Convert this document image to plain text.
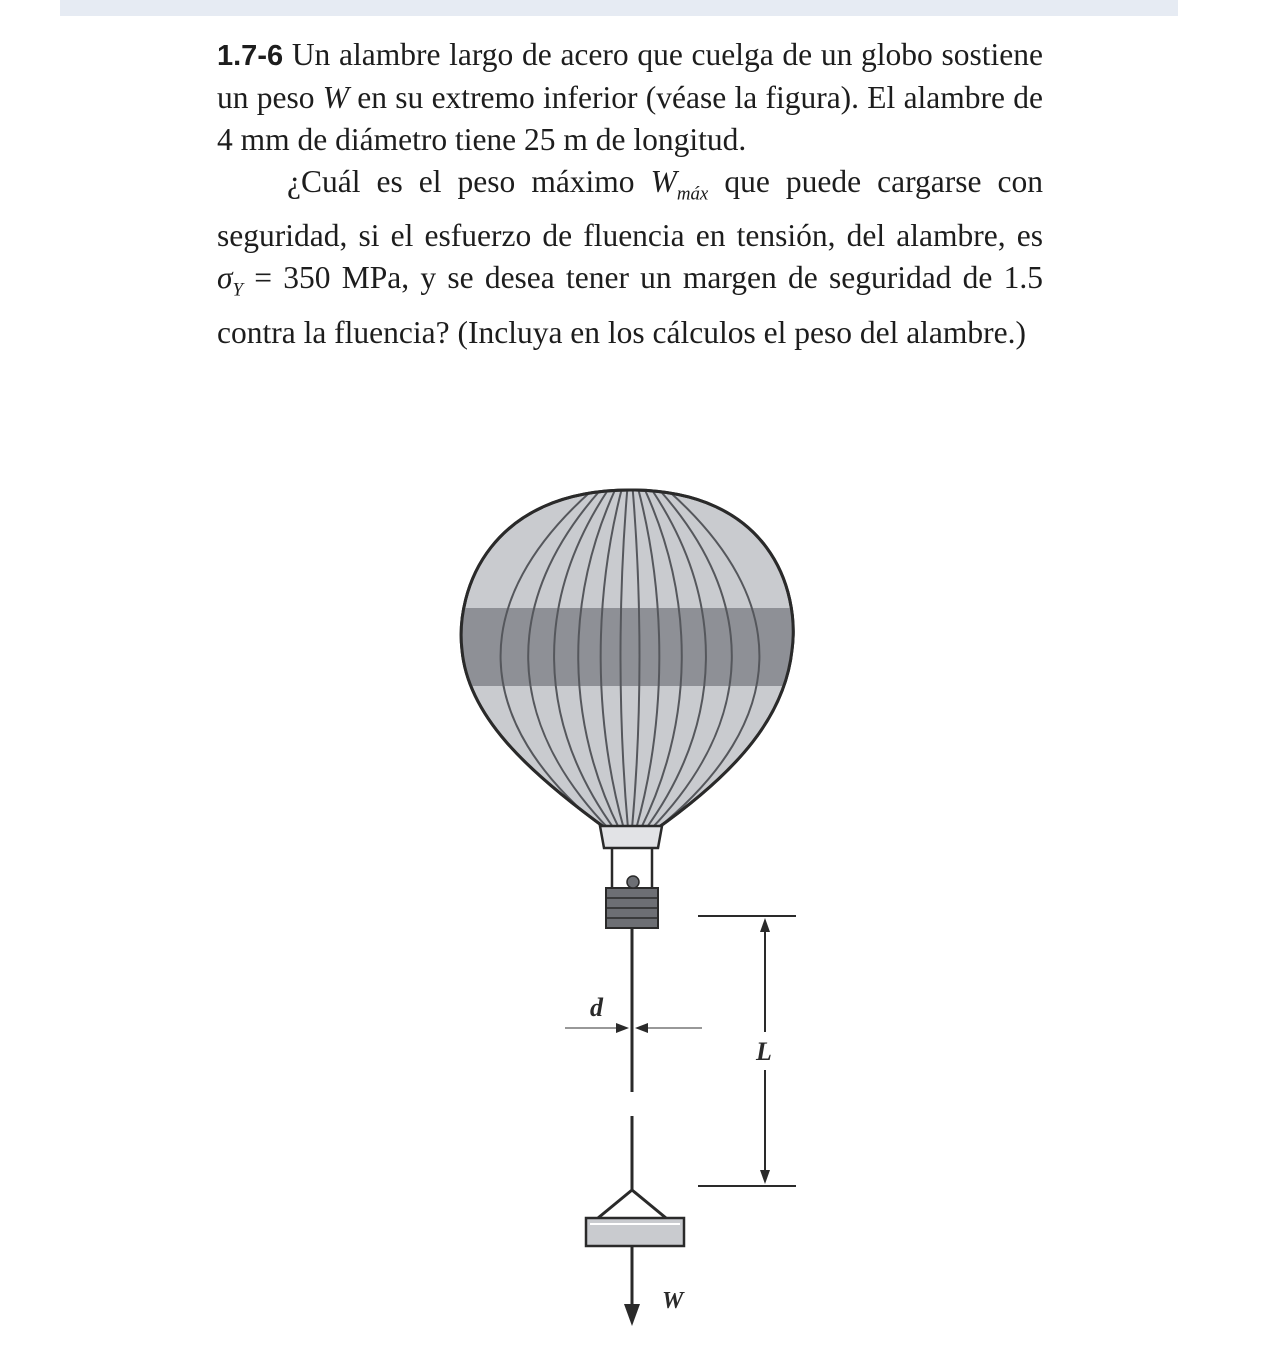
1.7-6 Un alambre largo de acero que cuelga de un globo sostiene un peso W en su extremo inferior (véase la figura). El alambre de 4 mm de diámetro tiene 25 m de longitud.

¿Cuál es el peso máximo $W_{máx}$ que puede cargarse con seguridad, si el esfuerzo de fluencia en tensión, del alambre, es $\sigma_Y = 350$ MPa, y se desea tener un margen de seguridad de 1.5 contra la fluencia? (Incluya en los cálculos el peso del alambre.)

d
L
W
